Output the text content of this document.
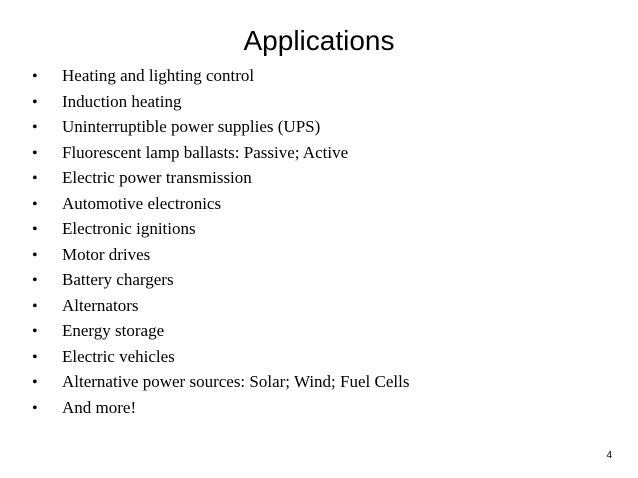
Applications
•	Heating and lighting control
•	Induction heating
•	Uninterruptible power supplies (UPS)
•	Fluorescent lamp ballasts: Passive; Active
•	Electric power transmission
•	Automotive electronics
•	Electronic ignitions
•	Motor drives
•	Battery chargers
•	Alternators
•	Energy storage
•	Electric vehicles
•	Alternative power sources: Solar; Wind; Fuel Cells
•	And more!
4
